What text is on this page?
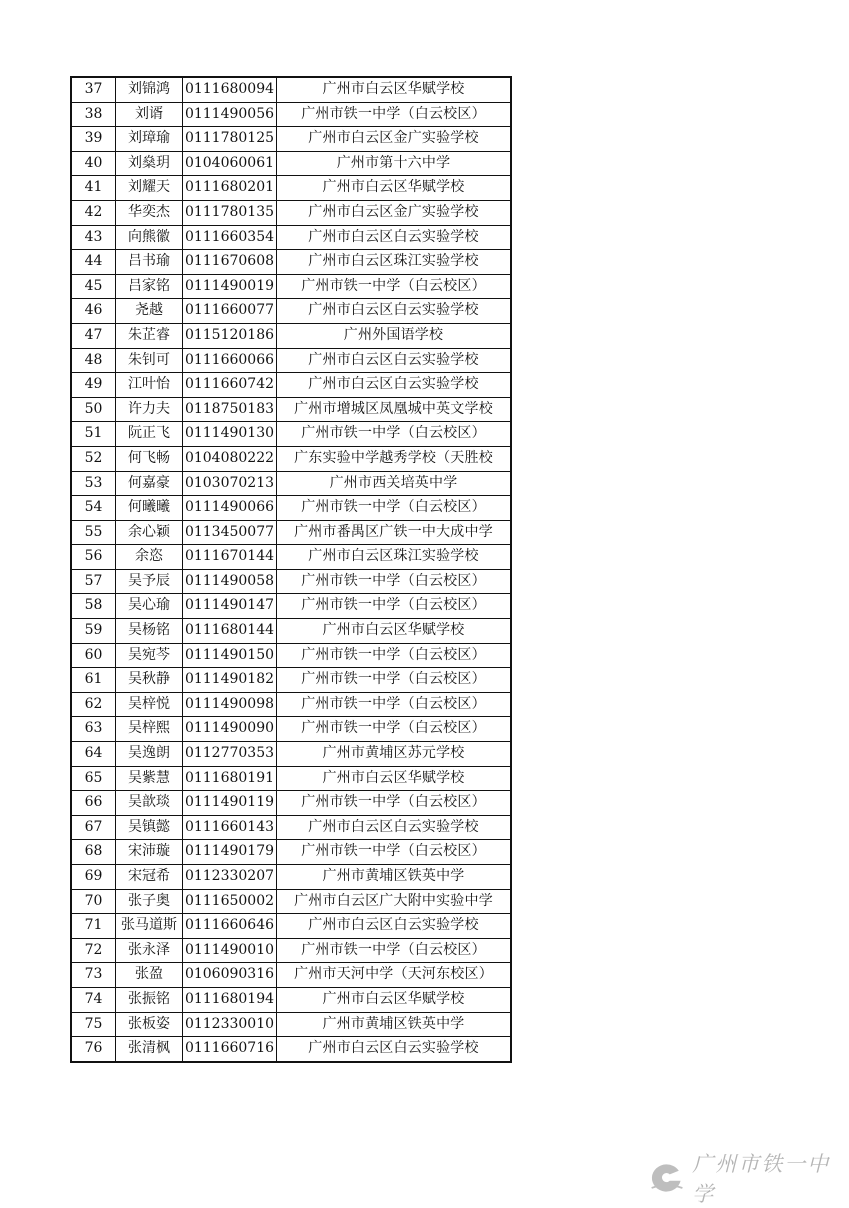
37	刘锦鸿	0111680094	广州市白云区华赋学校
38	刘谞	0111490056	广州市铁一中学（白云校区）
39	刘璋瑜	0111780125	广州市白云区金广实验学校
40	刘燊玥	0104060061	广州市第十六中学
41	刘耀天	0111680201	广州市白云区华赋学校
42	华奕杰	0111780135	广州市白云区金广实验学校
43	向熊徽	0111660354	广州市白云区白云实验学校
44	吕书瑜	0111670608	广州市白云区珠江实验学校
45	吕家铭	0111490019	广州市铁一中学（白云校区）
46	尧越	0111660077	广州市白云区白云实验学校
47	朱芷睿	0115120186	广州外国语学校
48	朱钊可	0111660066	广州市白云区白云实验学校
49	江叶怡	0111660742	广州市白云区白云实验学校
50	许力夫	0118750183	广州市增城区凤凰城中英文学校
51	阮正飞	0111490130	广州市铁一中学（白云校区）
52	何飞畅	0104080222	广东实验中学越秀学校（天胜校
53	何嘉豪	0103070213	广州市西关培英中学
54	何曦曦	0111490066	广州市铁一中学（白云校区）
55	余心颖	0113450077	广州市番禺区广铁一中大成中学
56	余恣	0111670144	广州市白云区珠江实验学校
57	吴予辰	0111490058	广州市铁一中学（白云校区）
58	吴心瑜	0111490147	广州市铁一中学（白云校区）
59	吴杨铭	0111680144	广州市白云区华赋学校
60	吴宛芩	0111490150	广州市铁一中学（白云校区）
61	吴秋静	0111490182	广州市铁一中学（白云校区）
62	吴梓悦	0111490098	广州市铁一中学（白云校区）
63	吴梓熙	0111490090	广州市铁一中学（白云校区）
64	吴逸朗	0112770353	广州市黄埔区苏元学校
65	吴紫慧	0111680191	广州市白云区华赋学校
66	吴歆琰	0111490119	广州市铁一中学（白云校区）
67	吴镇懿	0111660143	广州市白云区白云实验学校
68	宋沛璇	0111490179	广州市铁一中学（白云校区）
69	宋冠希	0112330207	广州市黄埔区铁英中学
70	张子奥	0111650002	广州市白云区广大附中实验中学
71	张马道斯	0111660646	广州市白云区白云实验学校
72	张永泽	0111490010	广州市铁一中学（白云校区）
73	张盈	0106090316	广州市天河中学（天河东校区）
74	张振铭	0111680194	广州市白云区华赋学校
75	张板姿	0112330010	广州市黄埔区铁英中学
76	张清枫	0111660716	广州市白云区白云实验学校
广州市铁一中学
